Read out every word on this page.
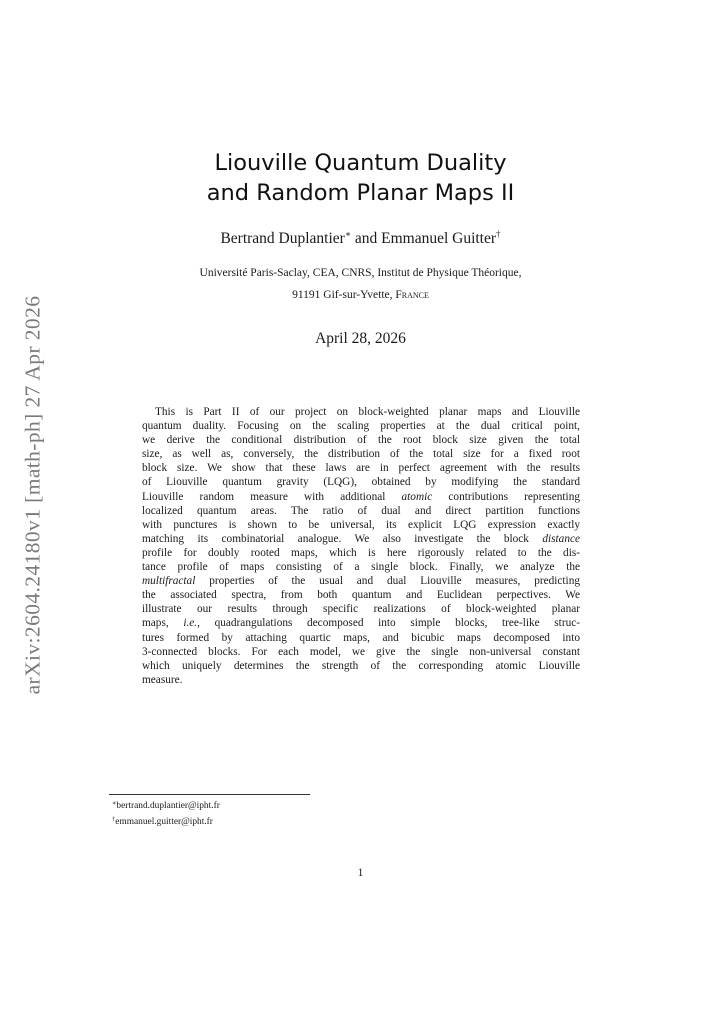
arXiv:2604.24180v1 [math-ph] 27 Apr 2026
Liouville Quantum Duality
and Random Planar Maps II
Bertrand Duplantier∗ and Emmanuel Guitter†
Université Paris-Saclay, CEA, CNRS, Institut de Physique Théorique,
91191 Gif-sur-Yvette, France
April 28, 2026
This is Part II of our project on block-weighted planar maps and Liouville
quantum duality. Focusing on the scaling properties at the dual critical point,
we derive the conditional distribution of the root block size given the total
size, as well as, conversely, the distribution of the total size for a fixed root
block size. We show that these laws are in perfect agreement with the results
of Liouville quantum gravity (LQG), obtained by modifying the standard
Liouville random measure with additional atomic contributions representing
localized quantum areas. The ratio of dual and direct partition functions
with punctures is shown to be universal, its explicit LQG expression exactly
matching its combinatorial analogue. We also investigate the block distance
profile for doubly rooted maps, which is here rigorously related to the dis-
tance profile of maps consisting of a single block. Finally, we analyze the
multifractal properties of the usual and dual Liouville measures, predicting
the associated spectra, from both quantum and Euclidean perpectives. We
illustrate our results through specific realizations of block-weighted planar
maps, i.e., quadrangulations decomposed into simple blocks, tree-like struc-
tures formed by attaching quartic maps, and bicubic maps decomposed into
3-connected blocks. For each model, we give the single non-universal constant
which uniquely determines the strength of the corresponding atomic Liouville
measure.
∗bertrand.duplantier@ipht.fr
†emmanuel.guitter@ipht.fr
1
